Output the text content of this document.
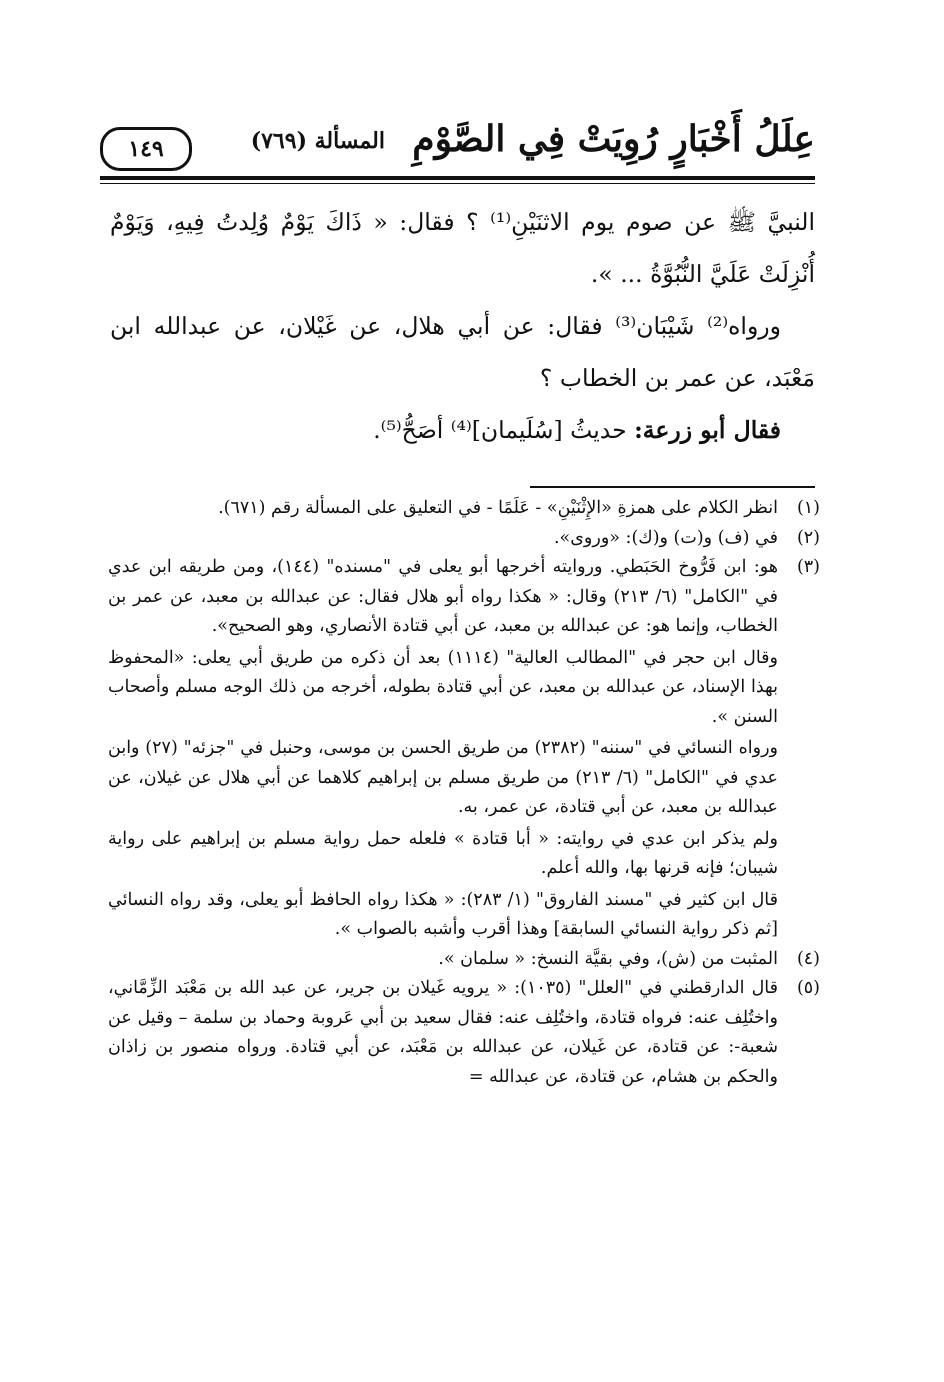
عِلَلُ أَخْبَارٍ رُوِيَتْ فِي الصَّوْمِ
المسألة (٧٦٩)
١٤٩

النبيَّ ﷺ عن صوم يوم الاثنَيْنِ⁽¹⁾ ؟ فقال: « ذَاكَ يَوْمٌ وُلِدتُ فِيهِ، وَيَوْمٌ أُنْزِلَتْ عَلَيَّ النُّبُوَّةُ ... ».

ورواه⁽²⁾ شَيْبَان⁽³⁾ فقال: عن أبي هلال، عن غَيْلان، عن عبدالله ابن مَعْبَد، عن عمر بن الخطاب ؟

فقال أبو زرعة: حديثُ [سُلَيمان]⁽⁴⁾ أصَحُّ⁽⁵⁾.

(١)

انظر الكلام على همزةِ «الإِثْنَيْنِ» - عَلَمًا - في التعليق على المسألة رقم (٦٧١).

(٢)

في (ف) و(ت) و(ك): «وروى».

(٣)

هو: ابن فَرُّوخ الحَبَطي. وروايته أخرجها أبو يعلى في "مسنده" (١٤٤)، ومن طريقه ابن عدي في "الكامل" (٦/ ٢١٣) وقال: « هكذا رواه أبو هلال فقال: عن عبدالله بن معبد، عن عمر بن الخطاب، وإنما هو: عن عبدالله بن معبد، عن أبي قتادة الأنصاري، وهو الصحيح».

وقال ابن حجر في "المطالب العالية" (١١١٤) بعد أن ذكره من طريق أبي يعلى: «المحفوظ بهذا الإسناد، عن عبدالله بن معبد، عن أبي قتادة بطوله، أخرجه من ذلك الوجه مسلم وأصحاب السنن ».

ورواه النسائي في "سننه" (٢٣٨٢) من طريق الحسن بن موسى، وحنبل في "جزئه" (٢٧) وابن عدي في "الكامل" (٦/ ٢١٣) من طريق مسلم بن إبراهيم كلاهما عن أبي هلال عن غيلان، عن عبدالله بن معبد، عن أبي قتادة، عن عمر، به.

ولم يذكر ابن عدي في روايته: « أبا قتادة » فلعله حمل رواية مسلم بن إبراهيم على رواية شيبان؛ فإنه قرنها بها، والله أعلم.

قال ابن كثير في "مسند الفاروق" (١/ ٢٨٣): « هكذا رواه الحافظ أبو يعلى، وقد رواه النسائي [ثم ذكر رواية النسائي السابقة] وهذا أقرب وأشبه بالصواب ».

(٤)

المثبت من (ش)، وفي بقيَّة النسخ: « سلمان ».

(٥)

قال الدارقطني في "العلل" (١٠٣٥): « يرويه غَيلان بن جرير، عن عبد الله بن مَعْبَد الزِّمَّاني، واختُلِف عنه: فرواه قتادة، واختُلِف عنه: فقال سعيد بن أبي عَروبة وحماد بن سلمة – وقيل عن شعبة-: عن قتادة، عن غَيلان، عن عبدالله بن مَعْبَد، عن أبي قتادة. ورواه منصور بن زاذان والحكم بن هشام، عن قتادة، عن عبدالله =
